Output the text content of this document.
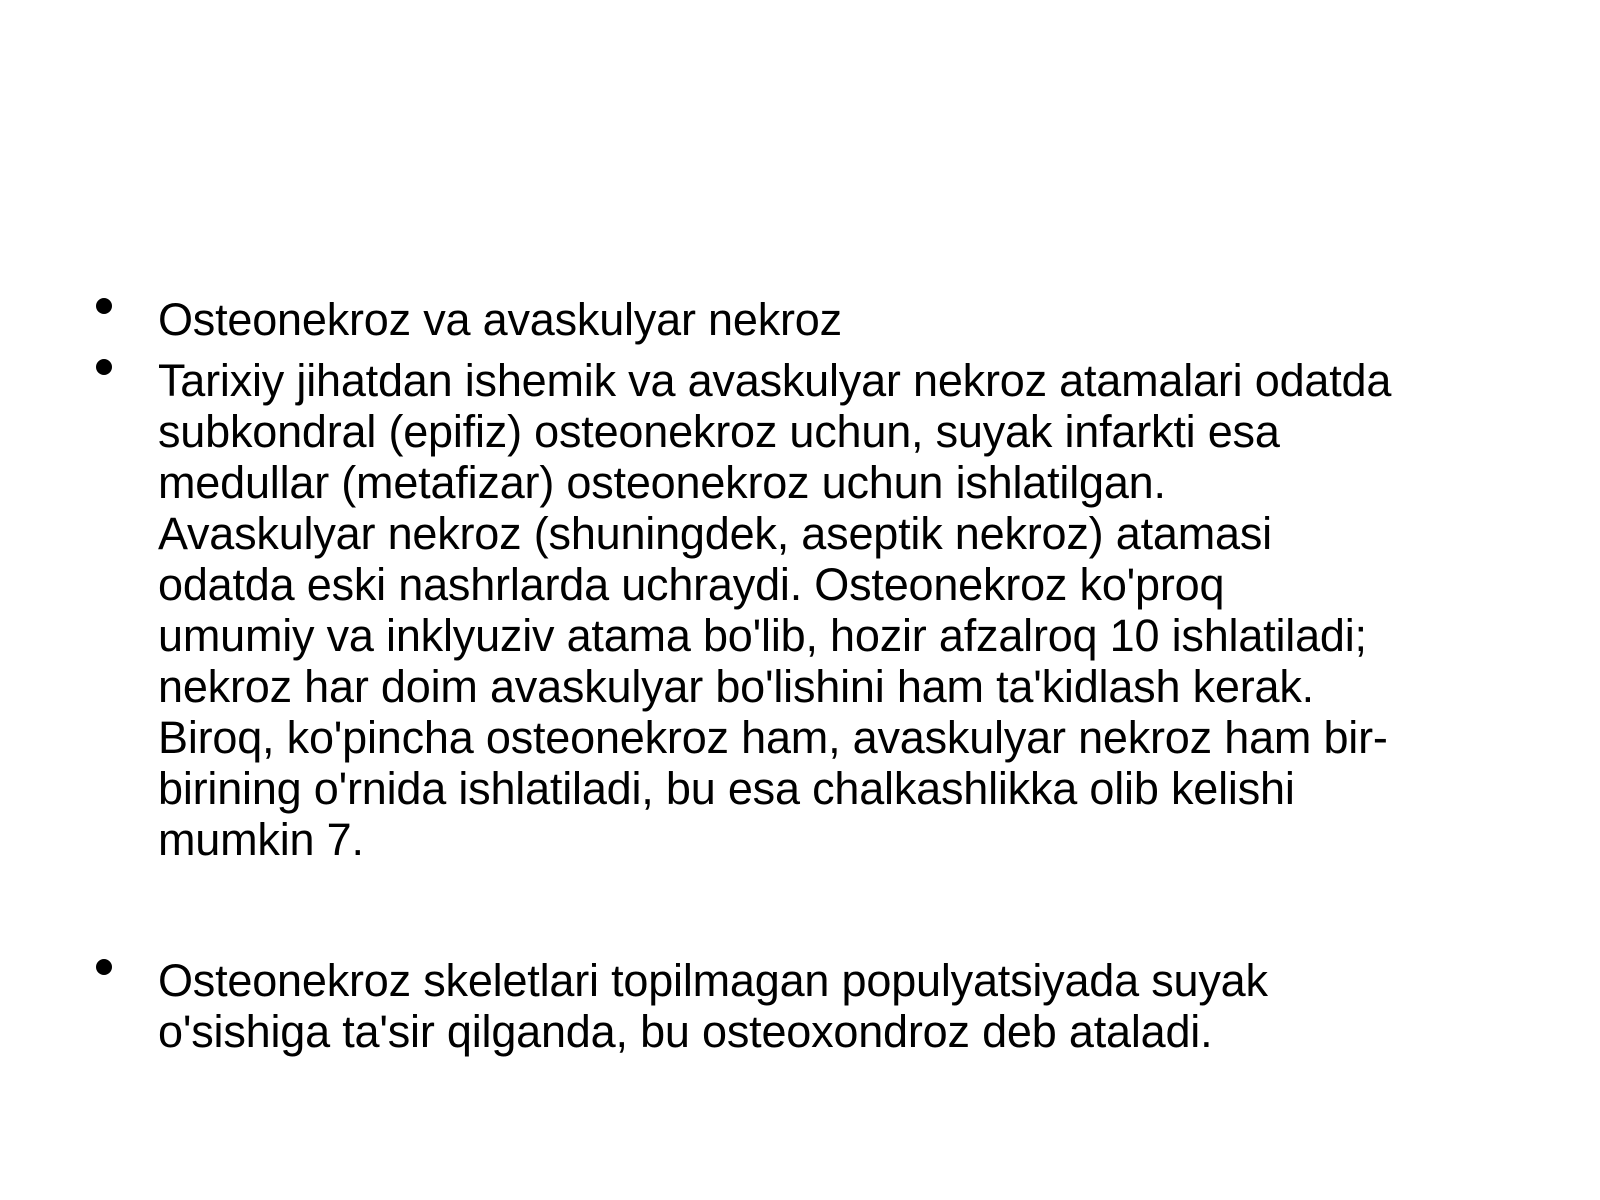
Osteonekroz va avaskulyar nekroz
Tarixiy jihatdan ishemik va avaskulyar nekroz atamalari odatda
subkondral (epifiz) osteonekroz uchun, suyak infarkti esa
medullar (metafizar) osteonekroz uchun ishlatilgan.
Avaskulyar nekroz (shuningdek, aseptik nekroz) atamasi
odatda eski nashrlarda uchraydi. Osteonekroz ko'proq
umumiy va inklyuziv atama bo'lib, hozir afzalroq 10 ishlatiladi;
nekroz har doim avaskulyar bo'lishini ham ta'kidlash kerak.
Biroq, ko'pincha osteonekroz ham, avaskulyar nekroz ham bir-
birining o'rnida ishlatiladi, bu esa chalkashlikka olib kelishi
mumkin 7.
Osteonekroz skeletlari topilmagan populyatsiyada suyak
o'sishiga ta'sir qilganda, bu osteoxondroz deb ataladi.
